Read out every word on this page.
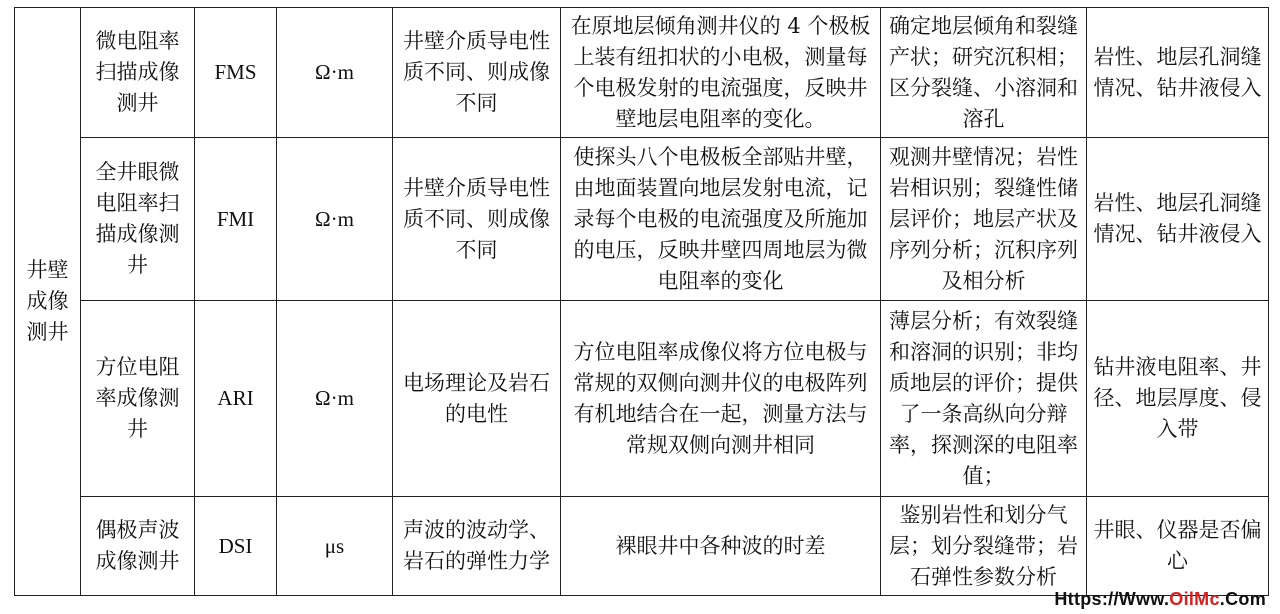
井壁成像测井	微电阻率扫描成像测井	FMS	Ω·m	井壁介质导电性质不同、则成像不同	在原地层倾角测井仪的 4 个极板上装有纽扣状的小电极，测量每个电极发射的电流强度，反映井壁地层电阻率的变化。	确定地层倾角和裂缝产状；研究沉积相；区分裂缝、小溶洞和溶孔	岩性、地层孔洞缝情况、钻井液侵入
	全井眼微电阻率扫描成像测井	FMI	Ω·m	井壁介质导电性质不同、则成像不同	使探头八个电极板全部贴井壁，由地面装置向地层发射电流，记录每个电极的电流强度及所施加的电压，反映井壁四周地层为微电阻率的变化	观测井壁情况；岩性岩相识别；裂缝性储层评价；地层产状及序列分析；沉积序列及相分析	岩性、地层孔洞缝情况、钻井液侵入
	方位电阻率成像测井	ARI	Ω·m	电场理论及岩石的电性	方位电阻率成像仪将方位电极与常规的双侧向测井仪的电极阵列有机地结合在一起，测量方法与常规双侧向测井相同	薄层分析；有效裂缝和溶洞的识别；非均质地层的评价；提供了一条高纵向分辩率，探测深的电阻率值；	钻井液电阻率、井径、地层厚度、侵入带
	偶极声波成像测井	DSI	μs	声波的波动学、岩石的弹性力学	裸眼井中各种波的时差	鉴别岩性和划分气层；划分裂缝带；岩石弹性参数分析	井眼、仪器是否偏心
Https://Www.OilMc.Com
